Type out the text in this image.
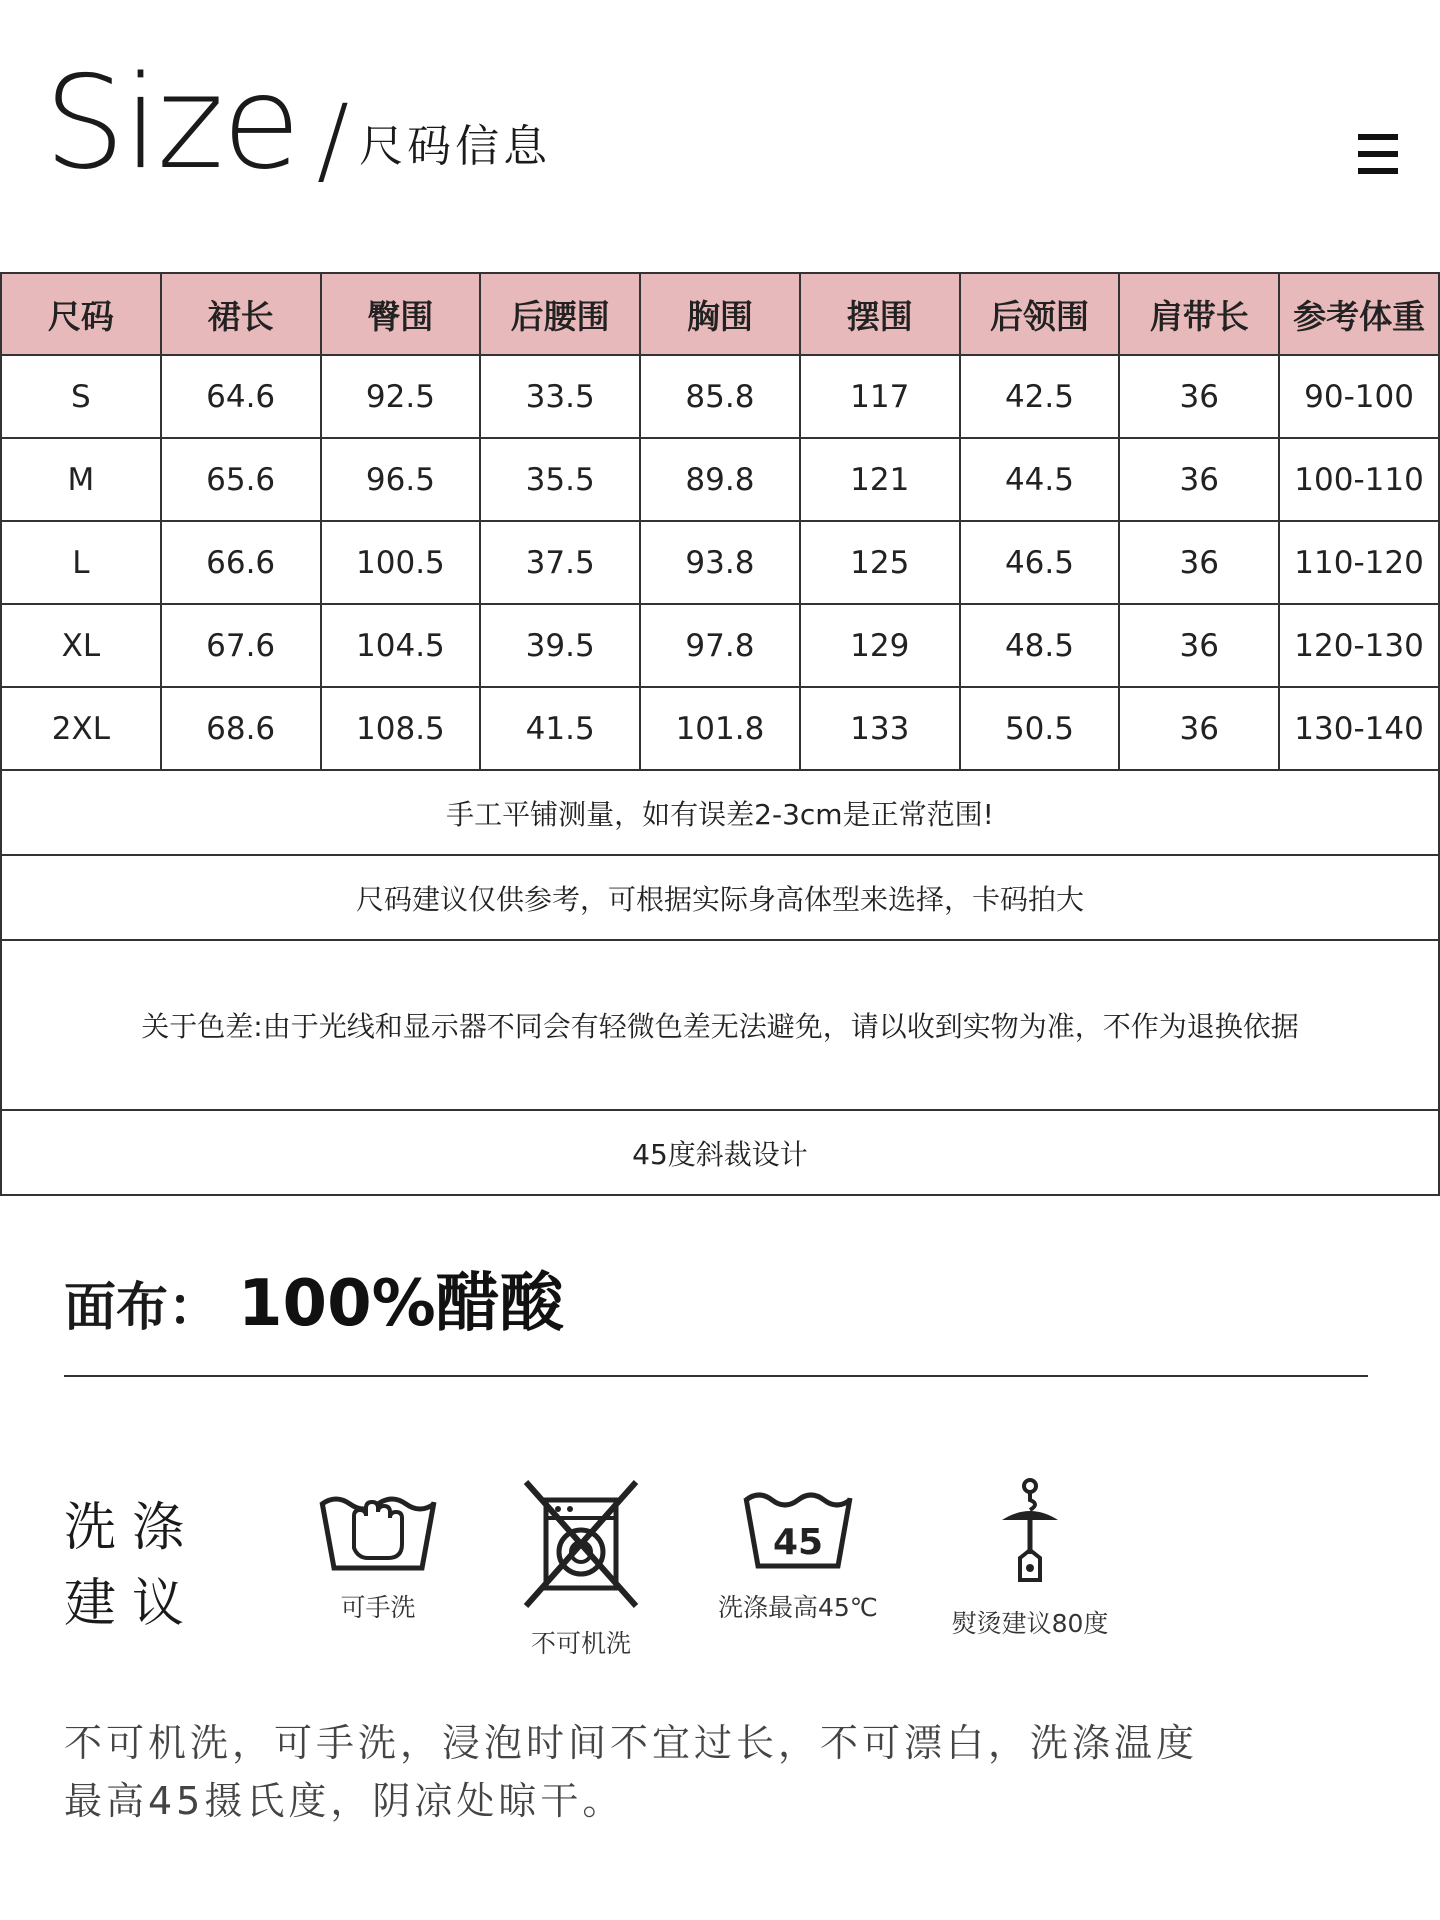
Size / 尺码信息
尺码	裙长	臀围	后腰围	胸围	摆围	后领围	肩带长	参考体重
S	64.6	92.5	33.5	85.8	117	42.5	36	90-100
M	65.6	96.5	35.5	89.8	121	44.5	36	100-110
L	66.6	100.5	37.5	93.8	125	46.5	36	110-120
XL	67.6	104.5	39.5	97.8	129	48.5	36	120-130
2XL	68.6	108.5	41.5	101.8	133	50.5	36	130-140
手工平铺测量，如有误差2-3cm是正常范围!								
尺码建议仅供参考，可根据实际身高体型来选择，卡码拍大								
关于色差:由于光线和显示器不同会有轻微色差无法避免，请以收到实物为准，不作为退换依据								
45度斜裁设计								
面布： 100%醋酸
洗涤
建议	可手洗
不可机洗
45
洗涤最高45℃
熨烫建议80度
不可机洗，可手洗，浸泡时间不宜过长，不可漂白，洗涤温度最高45摄氏度，阴凉处晾干。
